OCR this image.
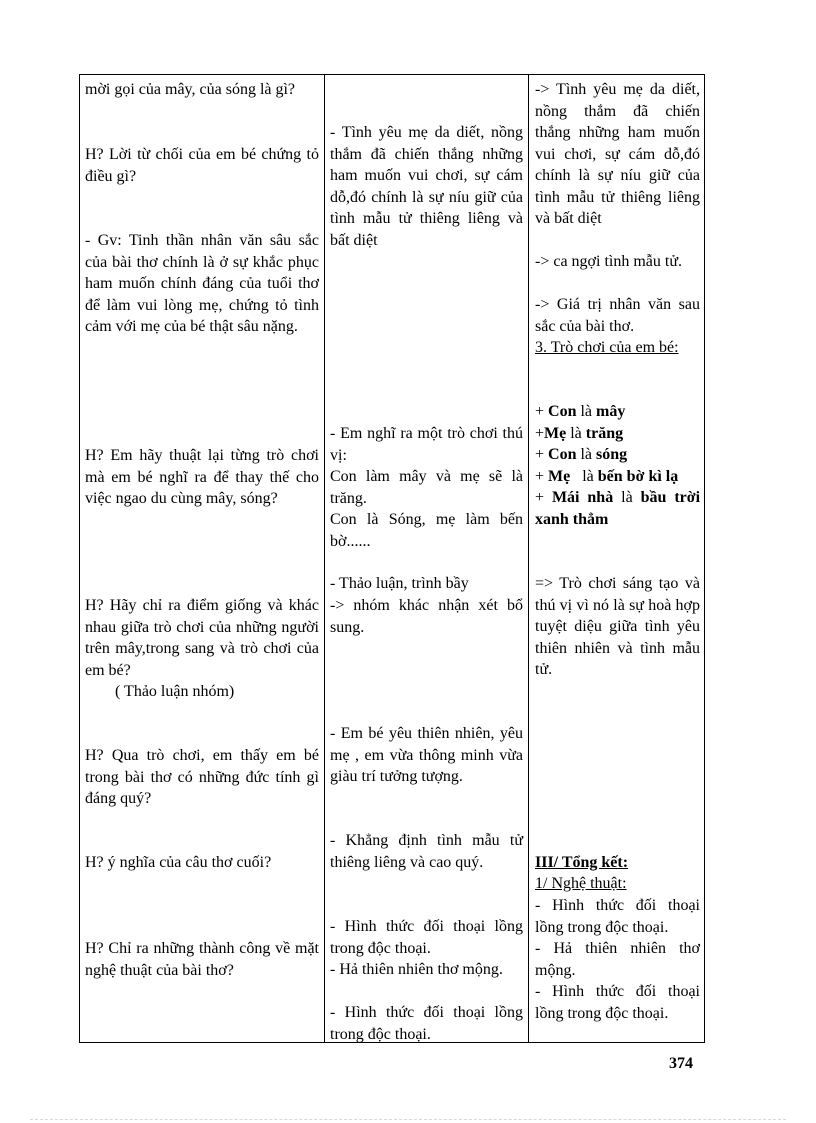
mời gọi của mây, của sóng là gì?
H? Lời từ chối của em bé chứng tỏ điều gì?
- Gv: Tinh thần nhân văn sâu sắc của bài thơ chính là ở sự khắc phục ham muốn chính đáng của tuổi thơ để làm vui lòng mẹ, chứng tỏ tình cảm với mẹ của bé thật sâu nặng.
H? Em hãy thuật lại từng trò chơi mà em bé nghĩ ra để thay thế cho việc ngao du cùng mây, sóng?
H? Hãy chỉ ra điểm giống và khác nhau giữa trò chơi của những người trên mây,trong sang và trò chơi của em bé?
( Thảo luận nhóm)
H? Qua trò chơi, em thấy em bé trong bài thơ có những đức tính gì đáng quý?
H? ý nghĩa của câu thơ cuối?
H? Chỉ ra những thành công về mặt nghệ thuật của bài thơ?
- Tình yêu mẹ da diết, nồng thắm đã chiến thắng những ham muốn vui chơi, sự cám dỗ,đó chính là sự níu giữ của tình mẫu tử thiêng liêng và bất diệt
- Em nghĩ ra một trò chơi thú vị:
Con làm mây và mẹ sẽ là trăng.
Con là Sóng, mẹ làm bến bờ......
- Thảo luận, trình bầy
-> nhóm khác nhận xét bổ sung.
- Em bé yêu thiên nhiên, yêu mẹ , em vừa thông minh vừa giàu trí tưởng tượng.
- Khẳng định tình mẫu tử thiêng liêng và cao quý.
- Hình thức đối thoại lồng trong độc thoại.
- Hả thiên nhiên thơ mộng.
- Hình thức đối thoại lồng trong độc thoại.
-> Tình yêu mẹ da diết, nồng thắm đã chiến thắng những ham muốn vui chơi, sự cám dỗ,đó chính là sự níu giữ của tình mẫu tử thiêng liêng và bất diệt
-> ca ngợi tình mẫu tử.
-> Giá trị nhân văn sau sắc của bài thơ.
3. Trò chơi của em bé:
+ Con là mây
+Mẹ là trăng
+ Con là sóng
+ Mẹ là bến bờ kì lạ
+ Mái nhà là bầu trời xanh thẳm
=> Trò chơi sáng tạo và thú vị vì nó là sự hoà hợp tuyệt diệu giữa tình yêu thiên nhiên và tình mẫu tử.
III/ Tổng kết:
1/ Nghệ thuật:
- Hình thức đối thoại lồng trong độc thoại.
- Hả thiên nhiên thơ mộng.
- Hình thức đối thoại lồng trong độc thoại.
374
